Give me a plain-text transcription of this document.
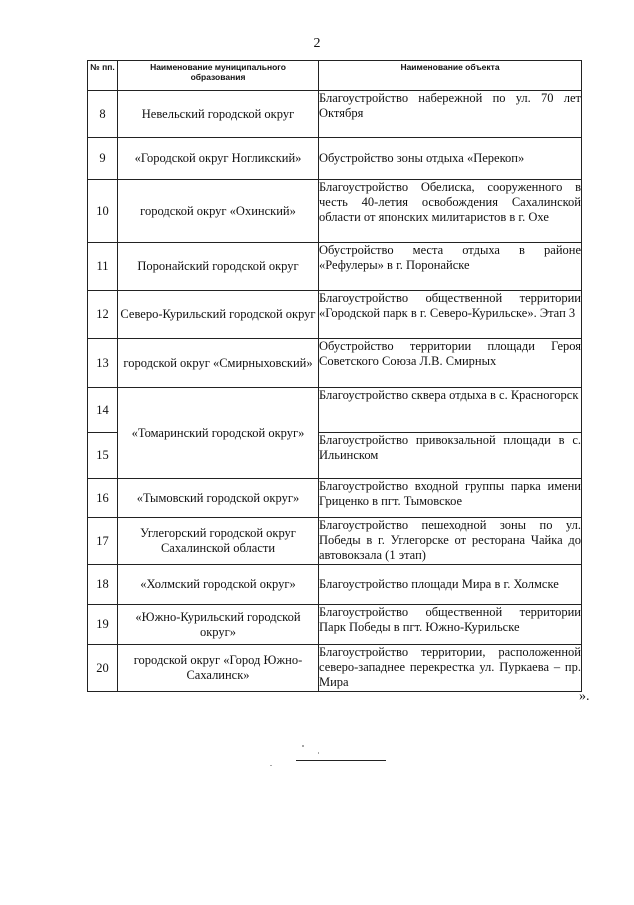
2
№ пп.	Наименование муниципального образования	Наименование объекта
8	Невельский городской округ	Благоустройство набережной по ул. 70 лет Октября
9	«Городской округ Ногликский»	Обустройство зоны отдыха «Перекоп»
10	городской округ «Охинский»	Благоустройство Обелиска, сооруженного в честь 40-летия освобождения Сахалинской области от японских милитаристов в г. Охе
11	Поронайский городской округ	Обустройство места отдыха в районе «Рефулеры» в г. Поронайске
12	Северо-Курильский городской округ	Благоустройство общественной территории «Городской парк в г. Северо-Курильске». Этап 3
13	городской округ «Смирныховский»	Обустройство территории площади Героя Советского Союза Л.В. Смирных
14	«Томаринский городской округ»	Благоустройство сквера отдыха в с. Красногорск
15		Благоустройство привокзальной площади в с. Ильинском
16	«Тымовский городской округ»	Благоустройство входной группы парка имени Гриценко в пгт. Тымовское
17	Углегорский городской округ Сахалинской области	Благоустройство пешеходной зоны по ул. Победы в г. Углегорске от ресторана Чайка до автовокзала (1 этап)
18	«Холмский городской округ»	Благоустройство площади Мира в г. Холмске
19	«Южно-Курильский городской округ»	Благоустройство общественной территории Парк Победы в пгт. Южно-Курильске
20	городской округ «Город Южно-Сахалинск»	Благоустройство территории, расположенной северо-западнее перекрестка ул. Пуркаева – пр. Мира
».
